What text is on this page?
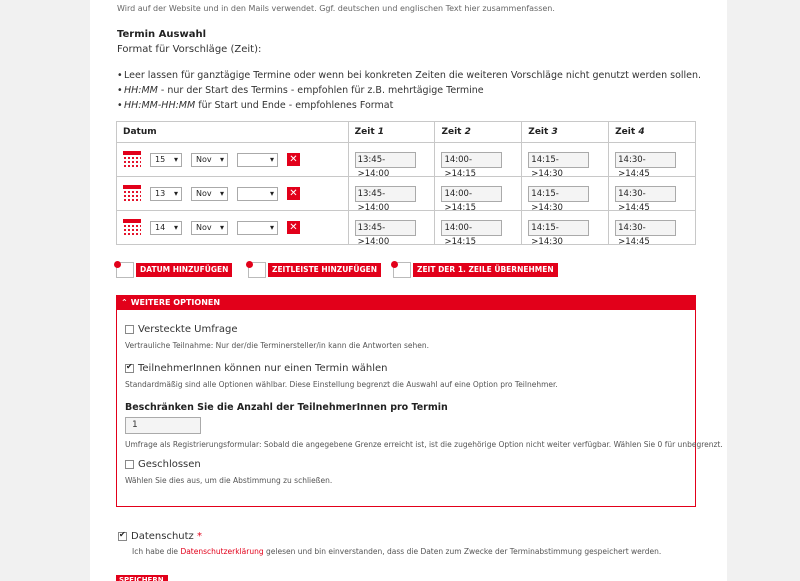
Wird auf der Website und in den Mails verwendet. Ggf. deutschen und englischen Text hier zusammenfassen.
Termin Auswahl
Format für Vorschläge (Zeit):
• Leer lassen für ganztägige Termine oder wenn bei konkreten Zeiten die weiteren Vorschläge nicht genutzt werden sollen.
• HH:MM - nur der Start des Termins - empfohlen für z.B. mehrtägige Termine
• HH:MM-HH:MM für Start und Ende - empfohlenes Format
Datum	Zeit 1	Zeit 2	Zeit 3	Zeit 4

15 ▾ Nov ▾ ▾ ✕	13:45->14:00	14:00->14:15	14:15->14:30	14:30->14:45

13 ▾ Nov ▾ ▾ ✕	13:45->14:00	14:00->14:15	14:15->14:30	14:30->14:45

14 ▾ Nov ▾ ▾ ✕	13:45->14:00	14:00->14:15	14:15->14:30	14:30->14:45
DATUM HINZUFÜGEN	ZEITLEISTE HINZUFÜGEN	ZEIT DER 1. ZEILE ÜBERNEHMEN
⌃ WEITERE OPTIONEN
Versteckte Umfrage
Vertrauliche Teilnahme: Nur der/die Terminersteller/in kann die Antworten sehen.
✔TeilnehmerInnen können nur einen Termin wählen
Standardmäßig sind alle Optionen wählbar. Diese Einstellung begrenzt die Auswahl auf eine Option pro Teilnehmer.
Beschränken Sie die Anzahl der TeilnehmerInnen pro Termin
1
Umfrage als Registrierungsformular: Sobald die angegebene Grenze erreicht ist, ist die zugehörige Option nicht weiter verfügbar. Wählen Sie 0 für unbegrenzt.
Geschlossen
Wählen Sie dies aus, um die Abstimmung zu schließen.
✔Datenschutz *
Ich habe die Datenschutzerklärung gelesen und bin einverstanden, dass die Daten zum Zwecke der Terminabstimmung gespeichert werden.
SPEICHERN
